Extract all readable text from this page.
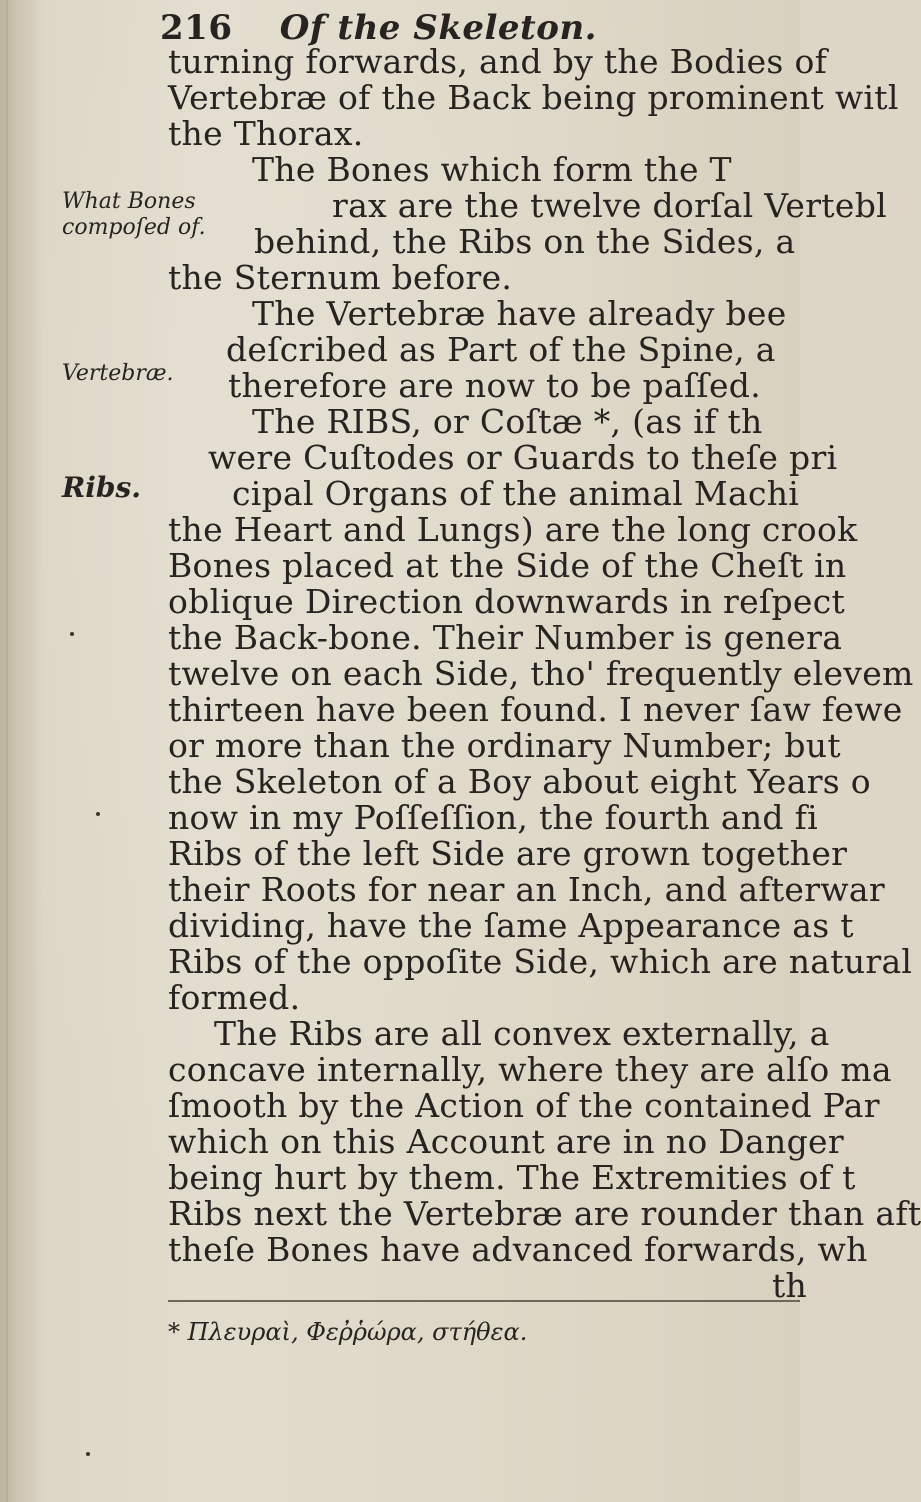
216 Of the Skeleton.
What Bones
compoſed of.
Vertebræ.
Ribs.
turning forwards, and by the Bodies of
Vertebræ of the Back being prominent witl
the Thorax.
The Bones which form the T
rax are the twelve dorſal Vertebl
behind, the Ribs on the Sides, a
the Sternum before.
The Vertebræ have already bee
deſcribed as Part of the Spine, a
therefore are now to be paſſed.
The RIBS, or Coſtæ *, (as if th
were Cuſtodes or Guards to theſe pri
cipal Organs of the animal Machi
the Heart and Lungs) are the long crook
Bones placed at the Side of the Cheſt in
oblique Direction downwards in reſpect
the Back-bone. Their Number is genera
twelve on each Side, tho' frequently elevem
thirteen have been found. I never ſaw fewe
or more than the ordinary Number; but
the Skeleton of a Boy about eight Years o
now in my Poſſeſſion, the fourth and fi
Ribs of the left Side are grown together
their Roots for near an Inch, and afterwar
dividing, have the ſame Appearance as t
Ribs of the oppoſite Side, which are natural
formed.
The Ribs are all convex externally, a
concave internally, where they are alſo ma
ſmooth by the Action of the contained Par
which on this Account are in no Danger
being hurt by them. The Extremities of t
Ribs next the Vertebræ are rounder than aft
theſe Bones have advanced forwards, wh
th
* Πλευραὶ, Φεῤῥώρα, στήθεα.
